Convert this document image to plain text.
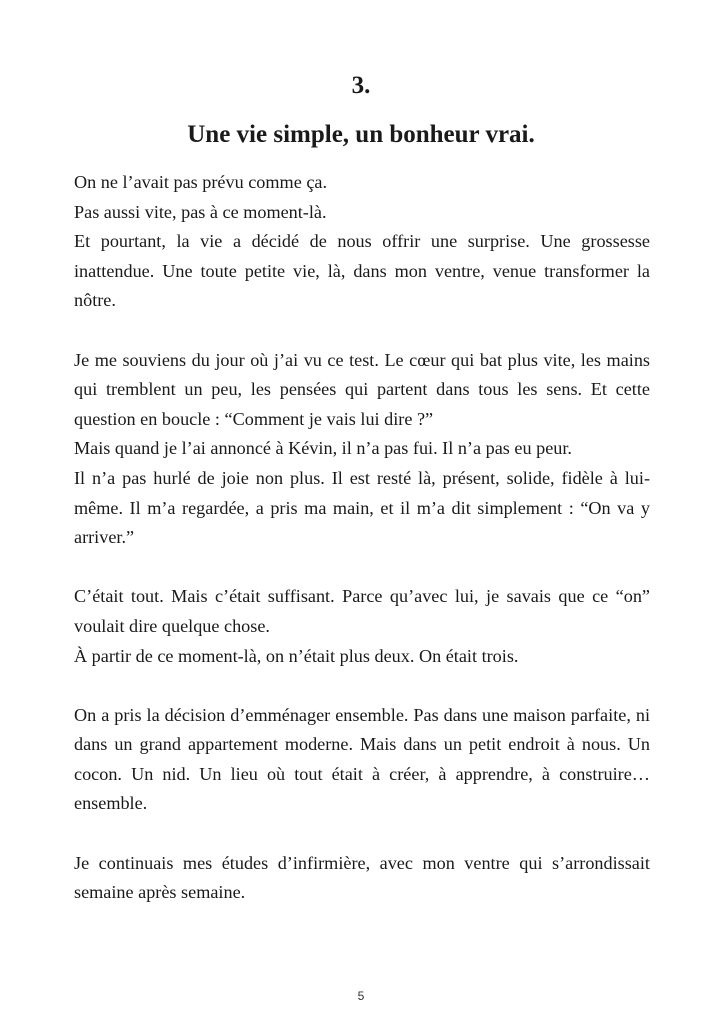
3.
Une vie simple, un bonheur vrai.

On ne l’avait pas prévu comme ça.
Pas aussi vite, pas à ce moment-là.
Et pourtant, la vie a décidé de nous offrir une surprise. Une grossesse inattendue. Une toute petite vie, là, dans mon ventre, venue transformer la nôtre.

Je me souviens du jour où j’ai vu ce test. Le cœur qui bat plus vite, les mains qui tremblent un peu, les pensées qui partent dans tous les sens. Et cette question en boucle : “Comment je vais lui dire ?”
Mais quand je l’ai annoncé à Kévin, il n’a pas fui. Il n’a pas eu peur.
Il n’a pas hurlé de joie non plus. Il est resté là, présent, solide, fidèle à lui-même. Il m’a regardée, a pris ma main, et il m’a dit simplement : “On va y arriver.”

C’était tout. Mais c’était suffisant. Parce qu’avec lui, je savais que ce “on” voulait dire quelque chose.
À partir de ce moment-là, on n’était plus deux. On était trois.

On a pris la décision d’emménager ensemble. Pas dans une maison parfaite, ni dans un grand appartement moderne. Mais dans un petit endroit à nous. Un cocon. Un nid. Un lieu où tout était à créer, à apprendre, à construire… ensemble.

Je continuais mes études d’infirmière, avec mon ventre qui s’arrondissait semaine après semaine.

5
